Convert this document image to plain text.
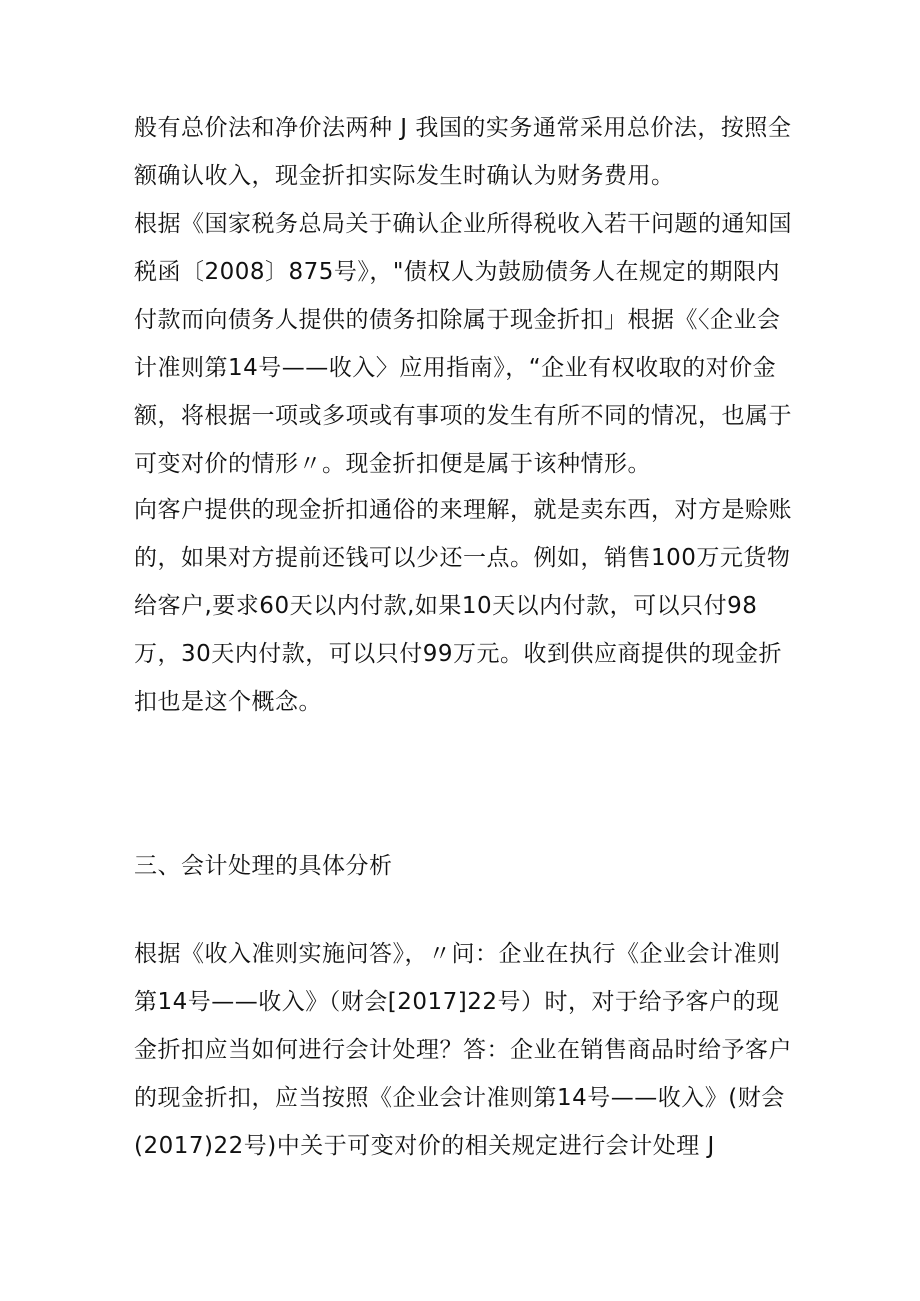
般有总价法和净价法两种 J 我国的实务通常采用总价法，按照全额确认收入，现金折扣实际发生时确认为财务费用。

根据《国家税务总局关于确认企业所得税收入若干问题的通知国税函〔2008〕875号》，"债权人为鼓励债务人在规定的期限内付款而向债务人提供的债务扣除属于现金折扣」根据《〈企业会计准则第14号——收入〉应用指南》，“企业有权收取的对价金额，将根据一项或多项或有事项的发生有所不同的情况，也属于可变对价的情形〃。现金折扣便是属于该种情形。

向客户提供的现金折扣通俗的来理解，就是卖东西，对方是赊账的，如果对方提前还钱可以少还一点。例如，销售100万元货物给客户,要求60天以内付款,如果10天以内付款，可以只付98万，30天内付款，可以只付99万元。收到供应商提供的现金折扣也是这个概念。

三、会计处理的具体分析

根据《收入准则实施问答》，〃问：企业在执行《企业会计准则第14号——收入》（财会[2017]22号）时，对于给予客户的现金折扣应当如何进行会计处理？答：企业在销售商品时给予客户的现金折扣，应当按照《企业会计准则第14号——收入》(财会(2017)22号)中关于可变对价的相关规定进行会计处理 J
